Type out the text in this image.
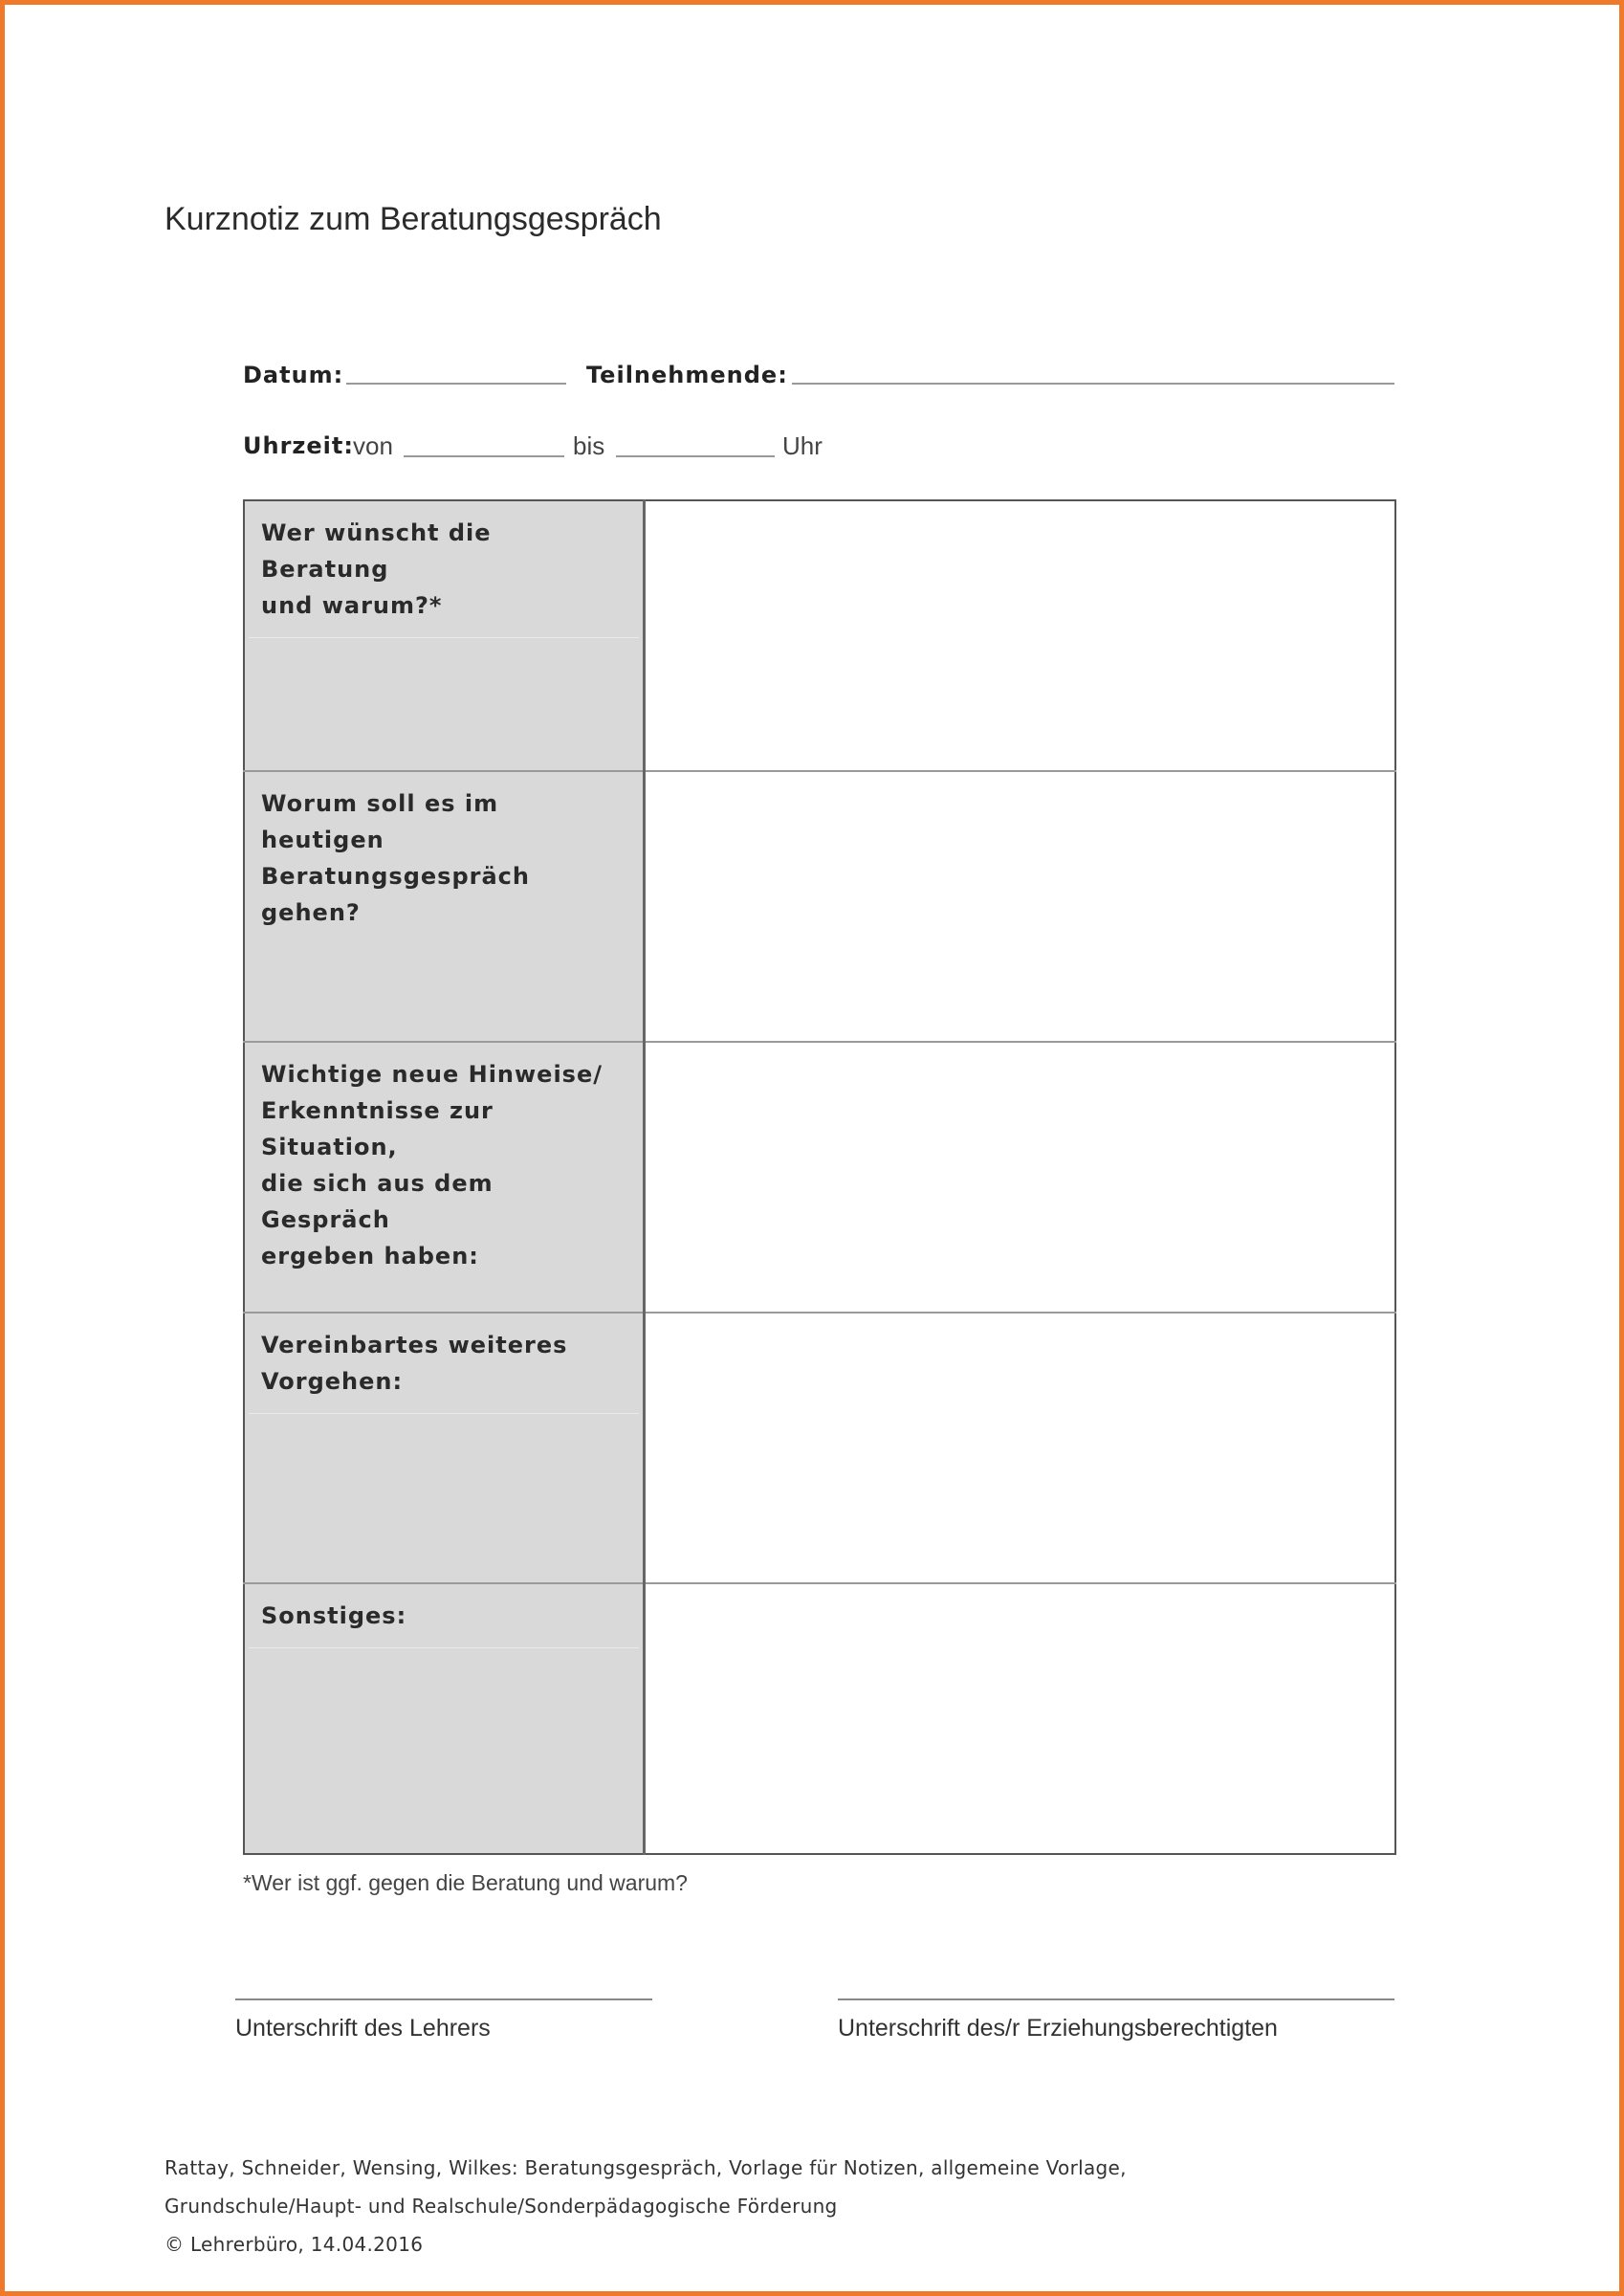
Kurznotiz zum Beratungsgespräch
Datum:	Teilnehmende:
Uhrzeit: von	bis	Uhr
Wer wünscht die Beratung
und warum?*	

Worum soll es im heutigen
Beratungsgespräch gehen?	

Wichtige neue Hinweise/
Erkenntnisse zur Situation,
die sich aus dem Gespräch
ergeben haben:	

Vereinbartes weiteres
Vorgehen:	

Sonstiges:	

*Wer ist ggf. gegen die Beratung und warum?
Unterschrift des Lehrers	Unterschrift des/r Erziehungsberechtigten
Rattay, Schneider, Wensing, Wilkes: Beratungsgespräch, Vorlage für Notizen, allgemeine Vorlage,
Grundschule/Haupt- und Realschule/Sonderpädagogische Förderung
© Lehrerbüro, 14.04.2016
